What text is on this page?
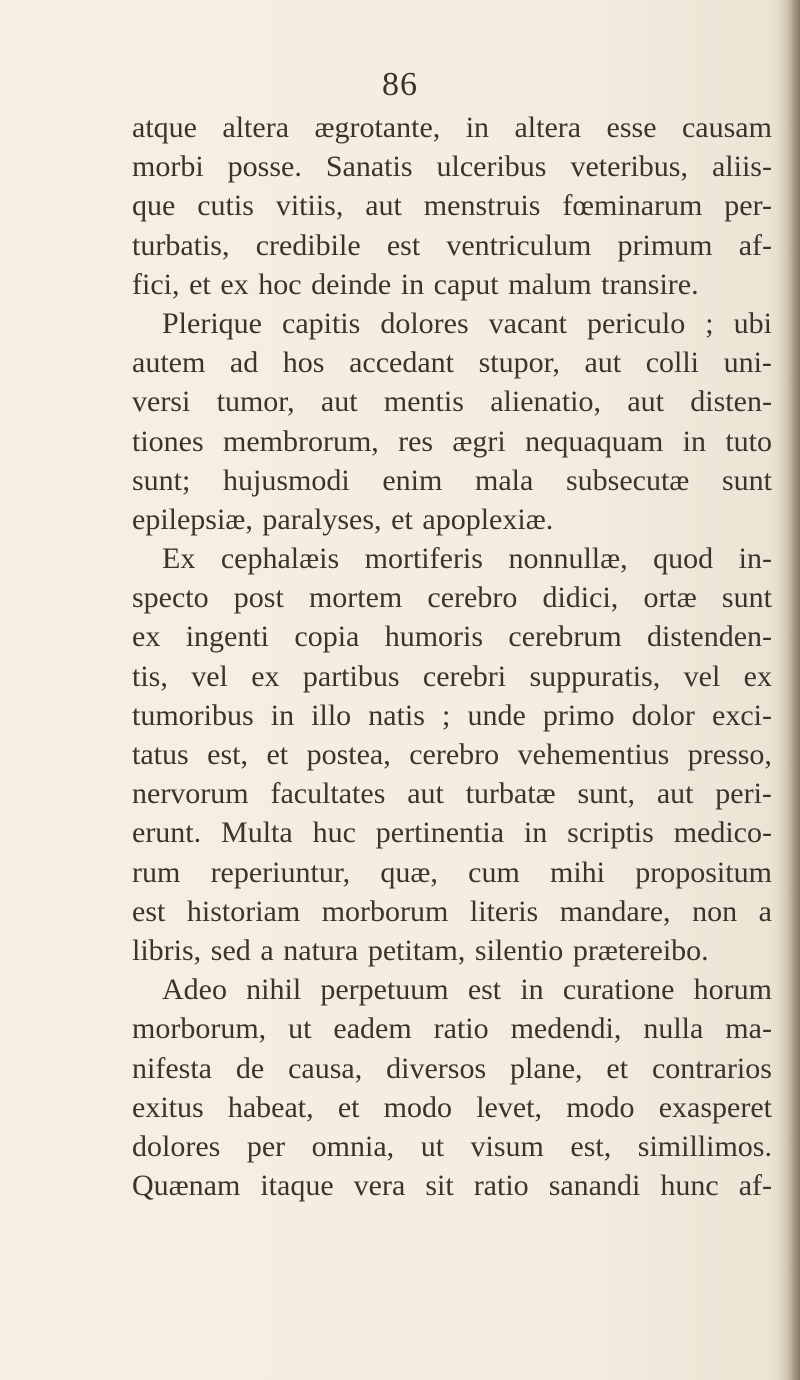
86
atque altera ægrotante, in altera esse causam
morbi posse. Sanatis ulceribus veteribus, aliis-
que cutis vitiis, aut menstruis fœminarum per-
turbatis, credibile est ventriculum primum af-
fici, et ex hoc deinde in caput malum transire.
Plerique capitis dolores vacant periculo ; ubi
autem ad hos accedant stupor, aut colli uni-
versi tumor, aut mentis alienatio, aut disten-
tiones membrorum, res ægri nequaquam in tuto
sunt; hujusmodi enim mala subsecutæ sunt
epilepsiæ, paralyses, et apoplexiæ.
Ex cephalæis mortiferis nonnullæ, quod in-
specto post mortem cerebro didici, ortæ sunt
ex ingenti copia humoris cerebrum distenden-
tis, vel ex partibus cerebri suppuratis, vel ex
tumoribus in illo natis ; unde primo dolor exci-
tatus est, et postea, cerebro vehementius presso,
nervorum facultates aut turbatæ sunt, aut peri-
erunt. Multa huc pertinentia in scriptis medico-
rum reperiuntur, quæ, cum mihi propositum
est historiam morborum literis mandare, non a
libris, sed a natura petitam, silentio prætereibo.
Adeo nihil perpetuum est in curatione horum
morborum, ut eadem ratio medendi, nulla ma-
nifesta de causa, diversos plane, et contrarios
exitus habeat, et modo levet, modo exasperet
dolores per omnia, ut visum est, simillimos.
Quænam itaque vera sit ratio sanandi hunc af-
